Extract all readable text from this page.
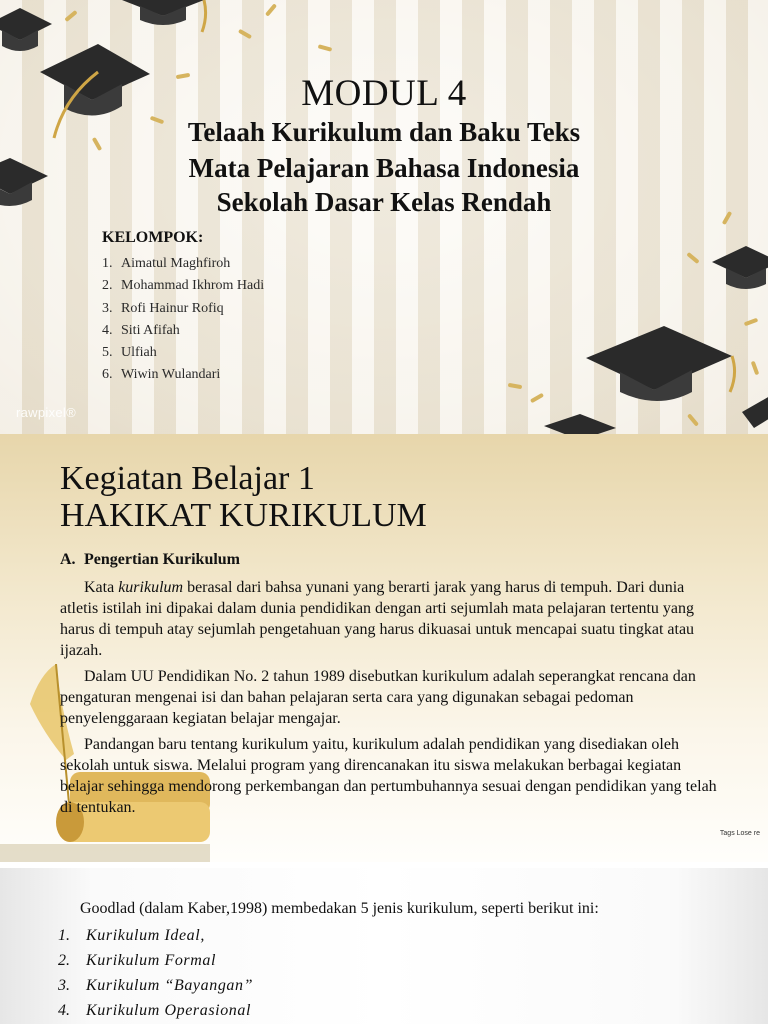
MODUL 4

Telaah Kurikulum dan Baku Teks

Mata Pelajaran Bahasa Indonesia

Sekolah Dasar Kelas Rendah

KELOMPOK:
1. Aimatul Maghfiroh
2. Mohammad Ikhrom Hadi
3. Rofi Hainur Rofiq
4. Siti Afifah
5. Ulfiah
6. Wiwin Wulandari
rawpixel®
Kegiatan Belajar 1
HAKIKAT KURIKULUM
A. Pengertian Kurikulum

Kata kurikulum berasal dari bahsa yunani yang berarti jarak yang harus di tempuh. Dari dunia atletis istilah ini dipakai dalam dunia pendidikan dengan arti sejumlah mata pelajaran tertentu yang harus di tempuh atay sejumlah pengetahuan yang harus dikuasai untuk mencapai suatu tingkat atau ijazah.

Dalam UU Pendidikan No. 2 tahun 1989 disebutkan kurikulum adalah seperangkat rencana dan pengaturan mengenai isi dan bahan pelajaran serta cara yang digunakan sebagai pedoman penyelenggaraan kegiatan belajar mengajar.

Pandangan baru tentang kurikulum yaitu, kurikulum adalah pendidikan yang disediakan oleh sekolah untuk siswa. Melalui program yang direncanakan itu siswa melakukan berbagai kegiatan belajar sehingga mendorong perkembangan dan pertumbuhannya sesuai dengan pendidikan yang telah di tentukan.

Tags Lose re
Goodlad (dalam Kaber,1998) membedakan 5 jenis kurikulum, seperti berikut ini:
1. Kurikulum Ideal,
2. Kurikulum Formal
3. Kurikulum “Bayangan”
4. Kurikulum Operasional
